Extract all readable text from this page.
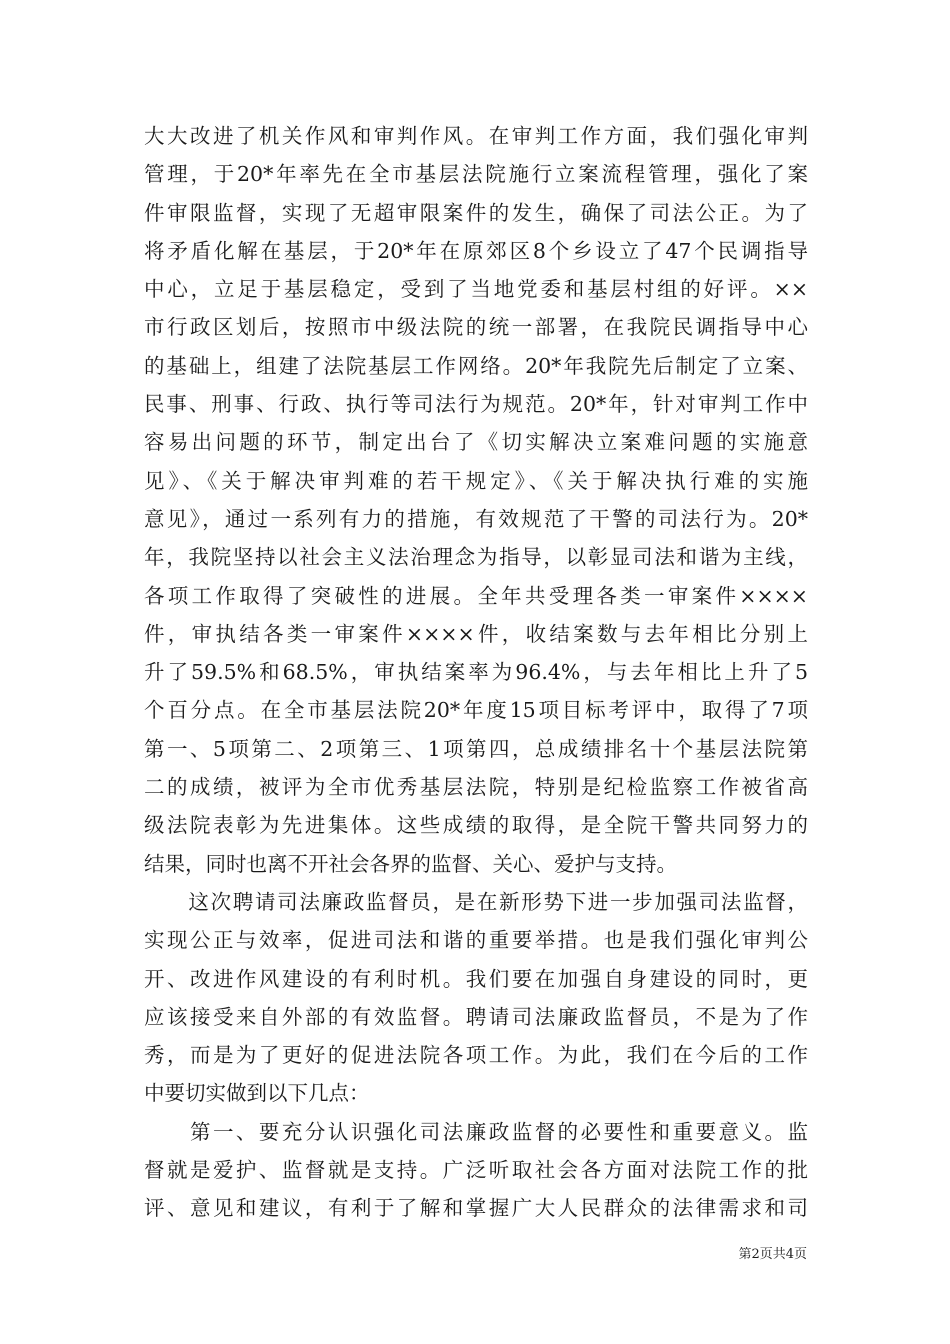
大大改进了机关作风和审判作风。在审判工作方面，我们强化审判
管理，于20*年率先在全市基层法院施行立案流程管理，强化了案
件审限监督，实现了无超审限案件的发生，确保了司法公正。为了
将矛盾化解在基层，于20*年在原郊区8个乡设立了47个民调指导
中心，立足于基层稳定，受到了当地党委和基层村组的好评。××
市行政区划后，按照市中级法院的统一部署，在我院民调指导中心
的基础上，组建了法院基层工作网络。20*年我院先后制定了立案、
民事、刑事、行政、执行等司法行为规范。20*年，针对审判工作中
容易出问题的环节，制定出台了《切实解决立案难问题的实施意
见》、《关于解决审判难的若干规定》、《关于解决执行难的实施
意见》，通过一系列有力的措施，有效规范了干警的司法行为。20*
年，我院坚持以社会主义法治理念为指导，以彰显司法和谐为主线，
各项工作取得了突破性的进展。全年共受理各类一审案件××××
件，审执结各类一审案件××××件，收结案数与去年相比分别上
升了59.5%和68.5%，审执结案率为96.4%，与去年相比上升了5
个百分点。在全市基层法院20*年度15项目标考评中，取得了7项
第一、5项第二、2项第三、1项第四，总成绩排名十个基层法院第
二的成绩，被评为全市优秀基层法院，特别是纪检监察工作被省高
级法院表彰为先进集体。这些成绩的取得，是全院干警共同努力的
结果，同时也离不开社会各界的监督、关心、爱护与支持。
　　这次聘请司法廉政监督员，是在新形势下进一步加强司法监督，
实现公正与效率，促进司法和谐的重要举措。也是我们强化审判公
开、改进作风建设的有利时机。我们要在加强自身建设的同时，更
应该接受来自外部的有效监督。聘请司法廉政监督员，不是为了作
秀，而是为了更好的促进法院各项工作。为此，我们在今后的工作
中要切实做到以下几点：
　　第一、要充分认识强化司法廉政监督的必要性和重要意义。监
督就是爱护、监督就是支持。广泛听取社会各方面对法院工作的批
评、意见和建议，有利于了解和掌握广大人民群众的法律需求和司
第2页共4页
